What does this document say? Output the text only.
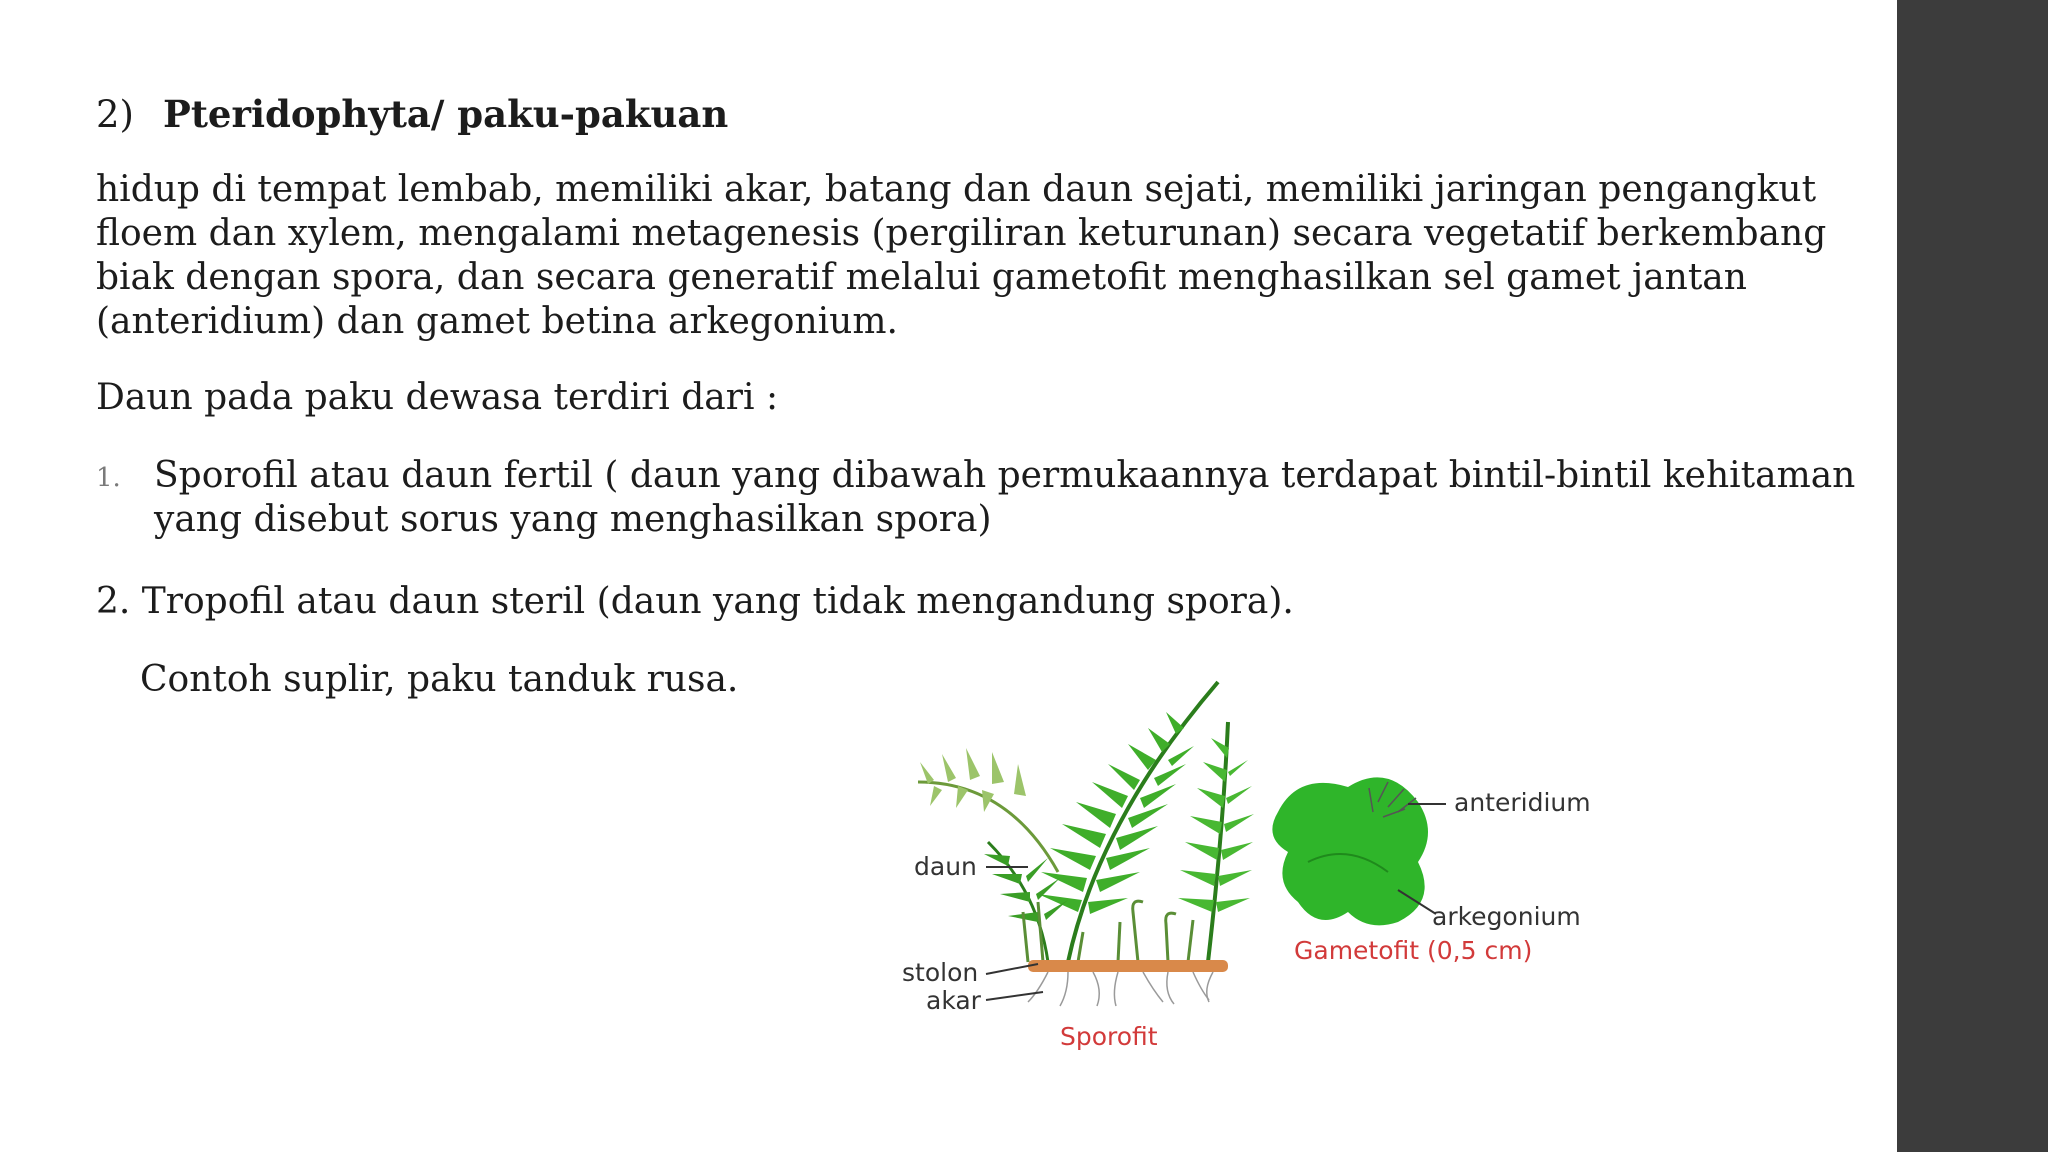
2) Pteridophyta/ paku-pakuan
hidup di tempat lembab, memiliki akar, batang dan daun sejati, memiliki jaringan pengangkut floem dan xylem, mengalami metagenesis (pergiliran keturunan) secara vegetatif berkembang biak dengan spora, dan secara generatif melalui gametofit menghasilkan sel gamet jantan (anteridium) dan gamet betina arkegonium.
Daun pada paku dewasa terdiri dari :
1. Sporofil atau daun fertil ( daun yang dibawah permukaannya terdapat bintil-bintil kehitaman yang disebut sorus yang menghasilkan spora)
2. Tropofil atau daun steril (daun yang tidak mengandung spora).
Contoh suplir, paku tanduk rusa.
daun
stolon
akar
Sporofit
anteridium
arkegonium
Gametofit (0,5 cm)
